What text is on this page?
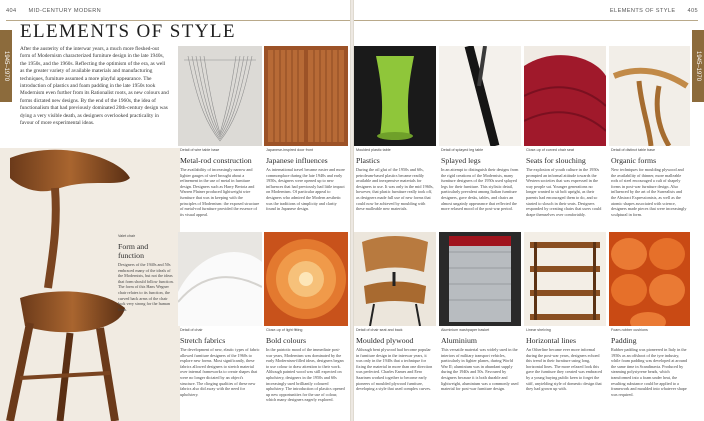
404 MID-CENTURY MODERN
1945–1970
ELEMENTS OF STYLE
After the austerity of the interwar years, a much more fleshed-out form of Modernism characterized furniture design in the late 1940s, the 1950s, and the 1960s. Reflecting the optimism of the era, as well as the greater variety of available materials and manufacturing techniques, furniture assumed a more playful appearance. The introduction of plastics and foam padding in the late 1950s took Modernism even further from its Rationalist roots, as new colours and forms dictated new designs. By the end of the 1960s, the idea of functionalism that had previously dominated 20th-century design was dying a very visible death, as designers overlooked practicality in favour of more experimental ideas.
Valet chair
Form and function

Designers of the 1940s and 50s embraced many of the ideals of the Modernists, but not the ideas that form should follow function. The form of this Hans Wegner chair relates to its function, the curved back arms of the chair look very strong for the human form.

Detail of wire table base
Metal-rod construction

The availability of increasingly narrow and lighter gauges of steel brought about a refinement in the use of metal in furniture design. Designers such as Harry Bertoia and Warren Platner produced lightweight wire furniture that was in keeping with the principles of Modernism: the exposed structure of metal-rod furniture provided the essence of its visual appeal.

Japanese-inspired door front
Japanese influences

As international travel became easier and more commonplace during the late 1940s and early 1950s, designers were opened up to new influences that had previously had little impact on Modernism. Of particular appeal to designers who admired the Modern aesthetic was the traditions of simplicity and clarity found in Japanese design.

Detail of chair
Stretch fabrics

The development of new, elastic types of fabric allowed furniture designers of the 1960s to explore new forms. Most significantly, these fabrics allowed designers to stretch material over internal frameworks to create shapes that were no longer dictated by an object's structure. The clinging qualities of these new fabrics also did away with the need for upholstery.

Close-up of light fitting
Bold colours

In the patriotic mood of the immediate post-war years, Modernism was dominated by the early Modernism-filled ideas, designers began to use colour to draw attention to their work. Although painted wood was still expected on upholstery, designers in the 1950s and 60s increasingly used brilliantly coloured upholstery. The introduction of plastics opened up new opportunities for the use of colour, which many designers eagerly explored.

ELEMENTS OF STYLE 405
1945–1970
Moulded plastic table
Plastics

During the oil glut of the 1950s and 60s, petroleum-based plastics became readily available and inexpensive materials for designers to use. It was only in the mid 1960s, however, that plastic furniture really took off, as designers made full use of new forms that could now be achieved by moulding with these malleable new materials.

Detail of splayed leg table
Splayed legs

In an attempt to distinguish their designs from the rigid creations of the Modernists, many furniture designers of the 1950s used splayed legs for their furniture. This stylistic detail, particularly prevalent among Italian furniture designers, gave desks, tables, and chairs an almost ungainly appearance that reflected the more relaxed mood of the post-war period.

Close-up of curved chair seat
Seats for slouching

The explosion of youth culture in the 1950s prompted an informal attitude towards the Western societies that was expressed in the way people sat. Younger generations no longer wanted to sit bolt upright, as their parents had encouraged them to do, and so started to slouch in their seats. Designers responded by creating chairs that users could drape themselves over comfortably.

Detail of distinct table base
Organic forms

New techniques for moulding plywood and the availability of thinner, more malleable rods of steel encouraged a cult of shapely forms in post-war furniture design. Also influenced by the art of the Surrealists and the Abstract Expressionists, as well as the atomic shapes associated with science, designers made pieces that were increasingly sculptural in form.

Detail of chair seat and back
Moulded plywood

Although bent plywood had become popular in furniture design in the interwar years, it was only in the 1940s that a technique for fixing the material in more than one direction was perfected. Charles Eames and Eero Saarinen worked together to become early pioneers of moulded plywood furniture, developing a style that used complex curves.

Aluminium washpaper basket
Aluminium

This versatile material was widely used in the interiors of military transport vehicles, particularly in fighter planes, during World War II; aluminium was in abundant supply during the 1940s and 50s. Favoured by designers because it is both durable and lightweight, aluminium was a commonly used material for post-war furniture design.

Linear shelving
Horizontal lines

An Otherline became ever more informal during the post-war years, designers echoed this trend in their furniture using long, horizontal lines. The more relaxed look this gave the furniture they created was embraced by a young buying public keen to forget the stiff, unyielding style of domestic design that they had grown up with.

Foam-rubber cushions
Padding

Rubber padding was pioneered in Italy in the 1950s as an offshoot of the tyre industry, while foam padding was developed at around the same time in Scandinavia. Produced by steaming polystyrene beads, which transformed into a foam under heat, the resulting substance could be applied to a framework and moulded into whatever shape was required.
